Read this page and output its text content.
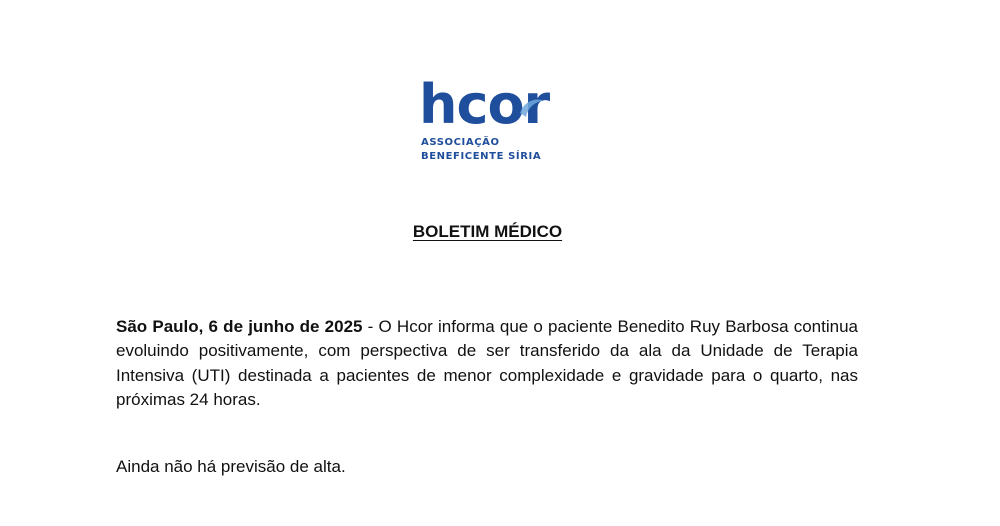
hcor
ASSOCIAÇÃO
BENEFICENTE SÍRIA
BOLETIM MÉDICO

São Paulo, 6 de junho de 2025 - O Hcor informa que o paciente Benedito Ruy Barbosa continua evoluindo positivamente, com perspectiva de ser transferido da ala da Unidade de Terapia Intensiva (UTI) destinada a pacientes de menor complexidade e gravidade para o quarto, nas próximas 24 horas.

Ainda não há previsão de alta.
